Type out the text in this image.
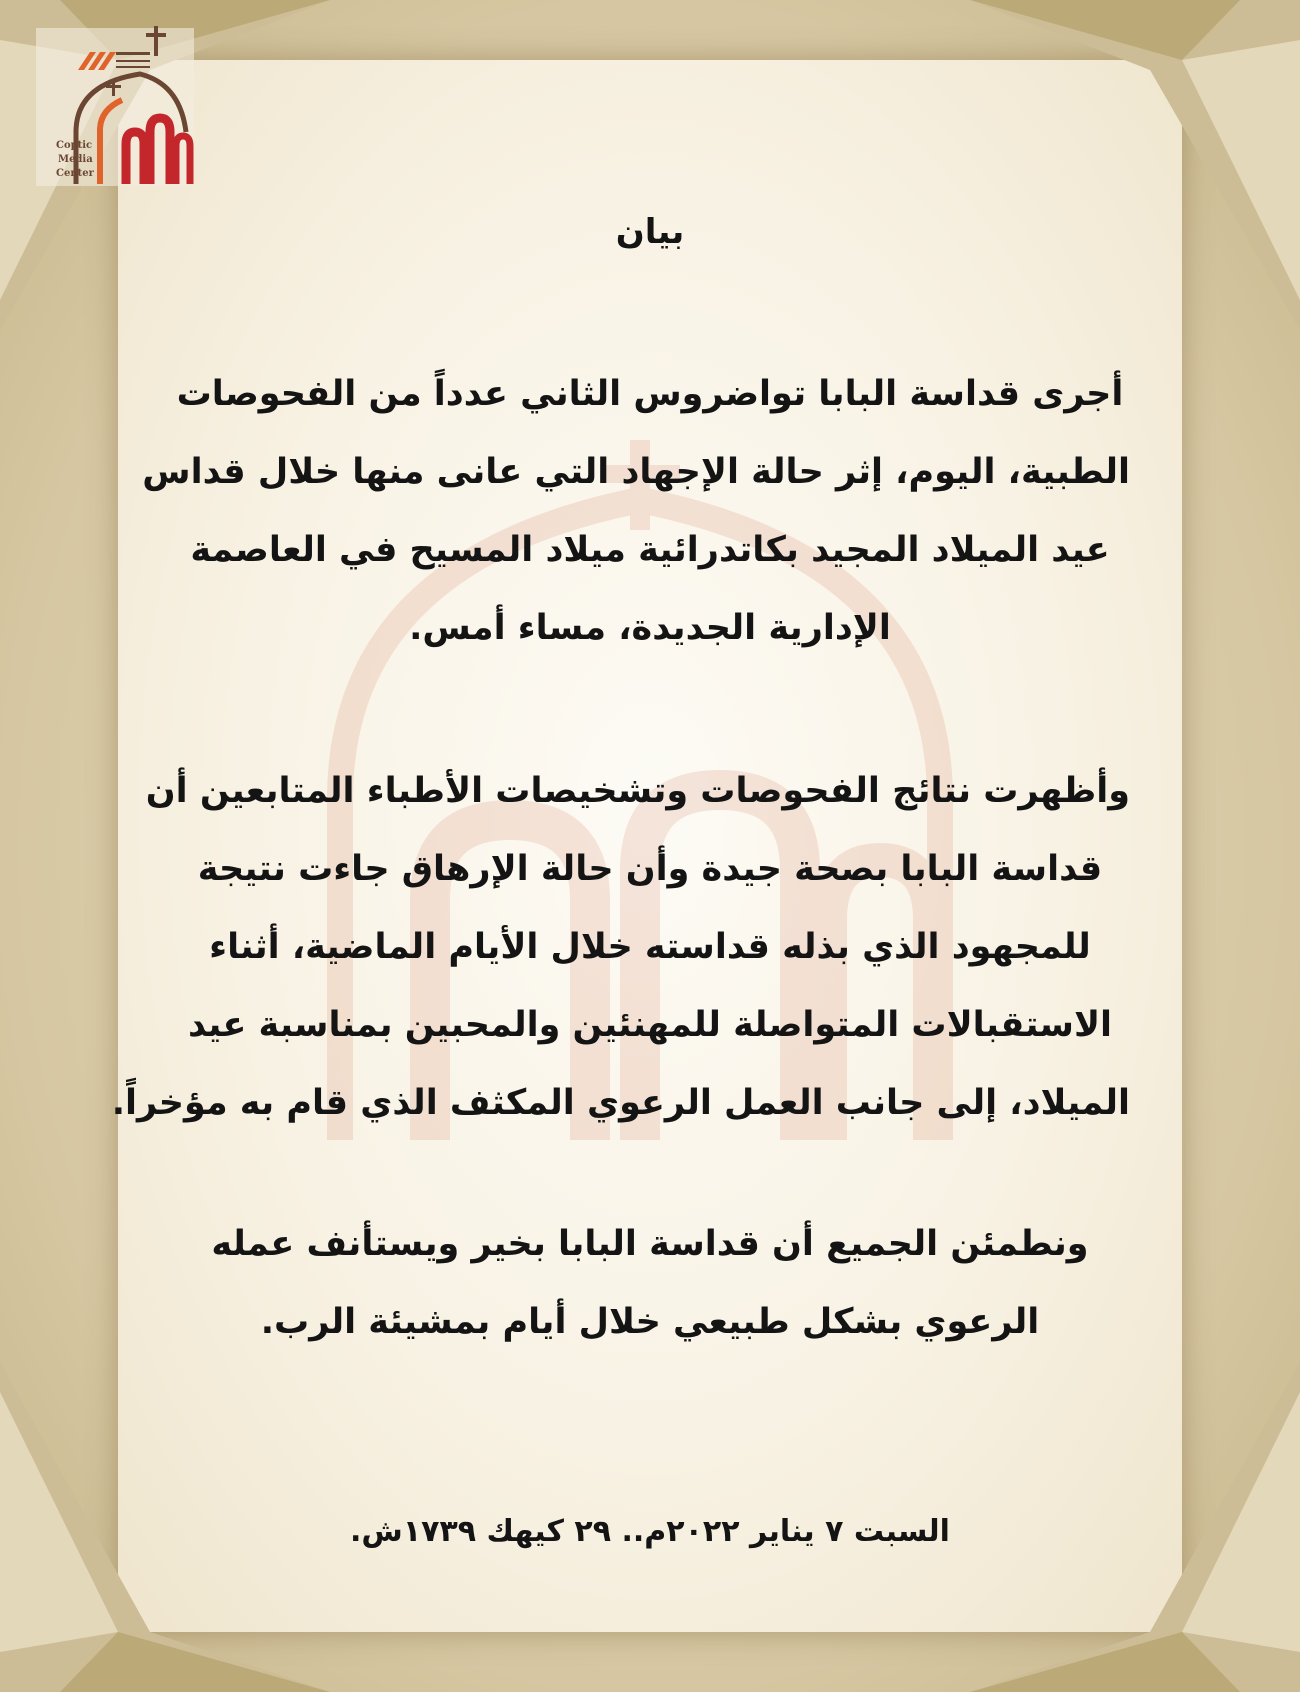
Coptic
Media
Center
بيان
أجرى قداسة البابا تواضروس الثاني عدداً من الفحوصات
الطبية، اليوم، إثر حالة الإجهاد التي عانى منها خلال قداس
عيد الميلاد المجيد بكاتدرائية ميلاد المسيح في العاصمة
الإدارية الجديدة، مساء أمس.
وأظهرت نتائج الفحوصات وتشخيصات الأطباء المتابعين أن
قداسة البابا بصحة جيدة وأن حالة الإرهاق جاءت نتيجة
للمجهود الذي بذله قداسته خلال الأيام الماضية، أثناء
الاستقبالات المتواصلة للمهنئين والمحبين بمناسبة عيد
الميلاد، إلى جانب العمل الرعوي المكثف الذي قام به مؤخراً.
ونطمئن الجميع أن قداسة البابا بخير ويستأنف عمله
الرعوي بشكل طبيعي خلال أيام بمشيئة الرب.
السبت ٧ يناير ٢٠٢٢م.. ٢٩ كيهك ١٧٣٩ش.
